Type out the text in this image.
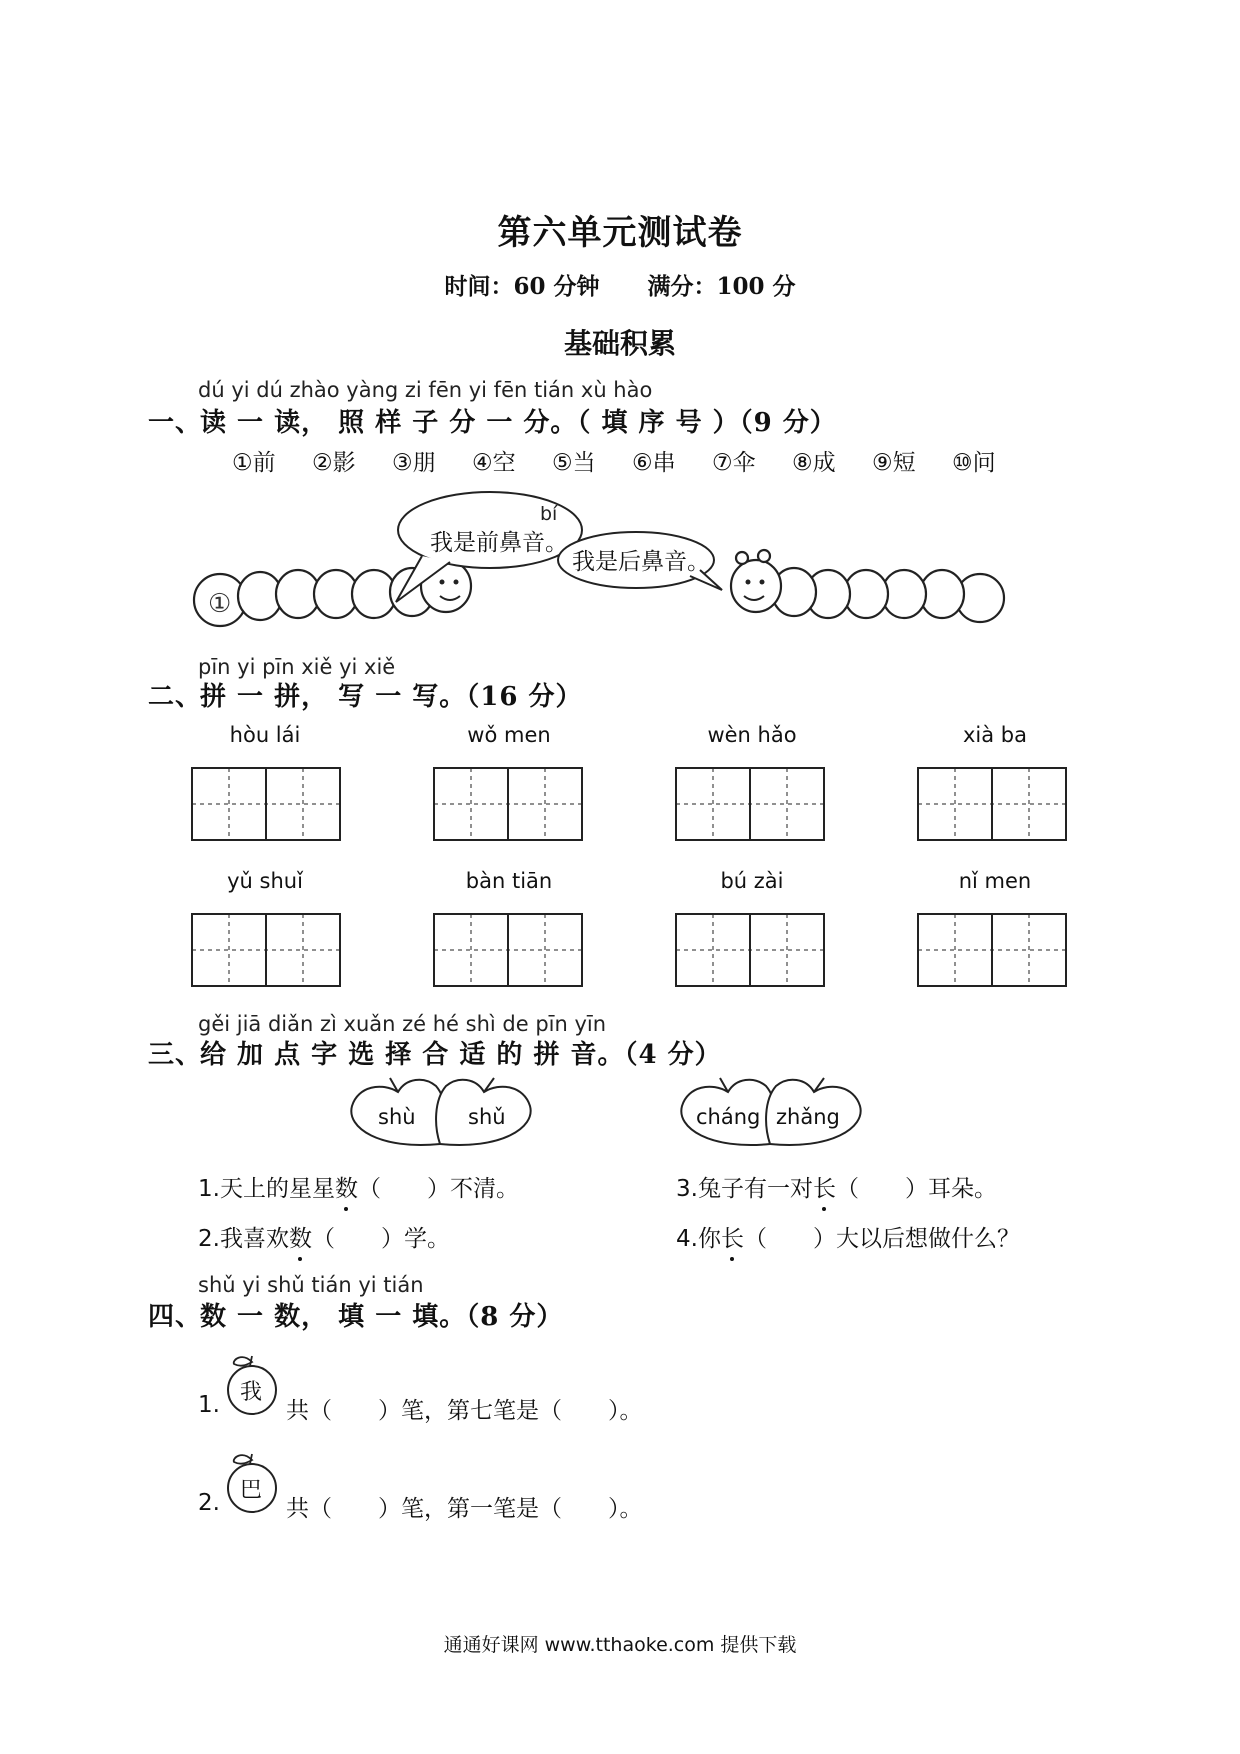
第六单元测试卷
时间：60 分钟 满分：100 分
基础积累
dú yi dú zhào yàng zi fēn yi fēn tián xù hào
一、读 一 读， 照 样 子 分 一 分。（ 填 序 号 ）（9 分）
①前 ②影 ③朋 ④空 ⑤当 ⑥串 ⑦伞 ⑧成 ⑨短 ⑩问
①
bí
我是前鼻音。
我是后鼻音。
pīn yi pīn xiě yi xiě
二、拼 一 拼， 写 一 写。（16 分）
hòu lái	wǒ men	wèn hǎo	xià ba
yǔ shuǐ	bàn tiān	bú zài	nǐ men
gěi jiā diǎn zì xuǎn zé hé shì de pīn yīn
三、给 加 点 字 选 择 合 适 的 拼 音。（4 分）
shù shǔ	cháng zhǎng
1.天上的星星数（　　）不清。	3.兔子有一对长（　　）耳朵。
2.我喜欢数（　　）学。	4.你长（　　）大以后想做什么？
shǔ yi shǔ tián yi tián
四、数 一 数， 填 一 填。（8 分）
1. 我
共（　　）笔，第七笔是（　　）。
2. 巴
共（　　）笔，第一笔是（　　）。
通通好课网 www.tthaoke.com 提供下载
